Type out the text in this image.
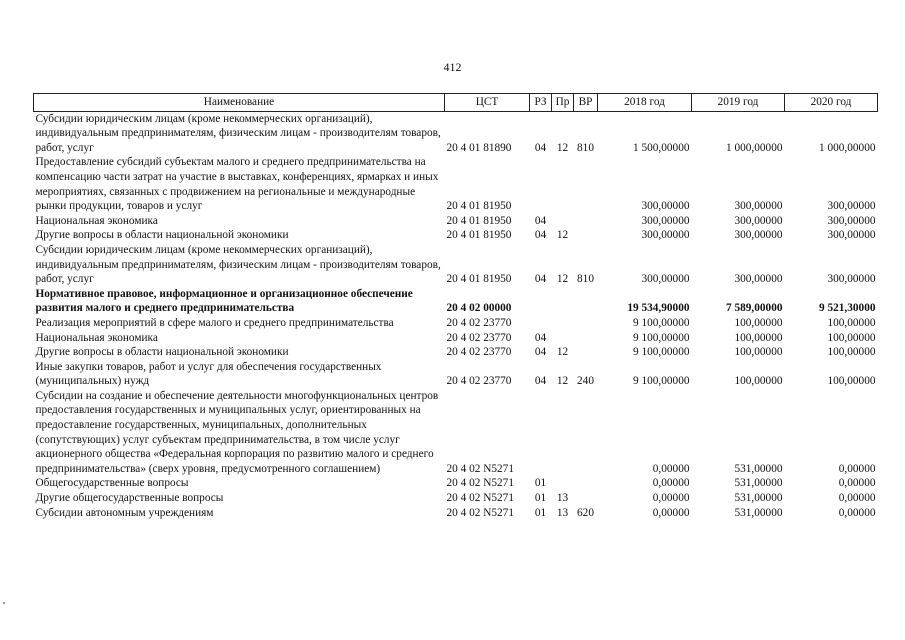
412
Наименование	ЦСТ	РЗ	Пр	ВР	2018 год	2019 год	2020 год
Субсидии юридическим лицам (кроме некоммерческих организаций), индивидуальным предпринимателям, физическим лицам - производителям товаров, работ, услуг	20 4 01 81890	04	12	810	1 500,00000	1 000,00000	1 000,00000
Предоставление субсидий субъектам малого и среднего предпринимательства на компенсацию части затрат на участие в выставках, конференциях, ярмарках и иных мероприятиях, связанных с продвижением на региональные и международные рынки продукции, товаров и услуг	20 4 01 81950				300,00000	300,00000	300,00000
Национальная экономика	20 4 01 81950	04			300,00000	300,00000	300,00000
Другие вопросы в области национальной экономики	20 4 01 81950	04	12		300,00000	300,00000	300,00000
Субсидии юридическим лицам (кроме некоммерческих организаций), индивидуальным предпринимателям, физическим лицам - производителям товаров, работ, услуг	20 4 01 81950	04	12	810	300,00000	300,00000	300,00000
Нормативное правовое, информационное и организационное обеспечение развития малого и среднего предпринимательства	20 4 02 00000				19 534,90000	7 589,00000	9 521,30000
Реализация мероприятий в сфере малого и среднего предпринимательства	20 4 02 23770				9 100,00000	100,00000	100,00000
Национальная экономика	20 4 02 23770	04			9 100,00000	100,00000	100,00000
Другие вопросы в области национальной экономики	20 4 02 23770	04	12		9 100,00000	100,00000	100,00000
Иные закупки товаров, работ и услуг для обеспечения государственных (муниципальных) нужд	20 4 02 23770	04	12	240	9 100,00000	100,00000	100,00000
Субсидии на создание и обеспечение деятельности многофункциональных центров предоставления государственных и муниципальных услуг, ориентированных на предоставление государственных, муниципальных, дополнительных (сопутствующих) услуг субъектам предпринимательства, в том числе услуг акционерного общества «Федеральная корпорация по развитию малого и среднего предпринимательства» (сверх уровня, предусмотренного соглашением)	20 4 02 N5271				0,00000	531,00000	0,00000
Общегосударственные вопросы	20 4 02 N5271	01			0,00000	531,00000	0,00000
Другие общегосударственные вопросы	20 4 02 N5271	01	13		0,00000	531,00000	0,00000
Субсидии автономным учреждениям	20 4 02 N5271	01	13	620	0,00000	531,00000	0,00000
